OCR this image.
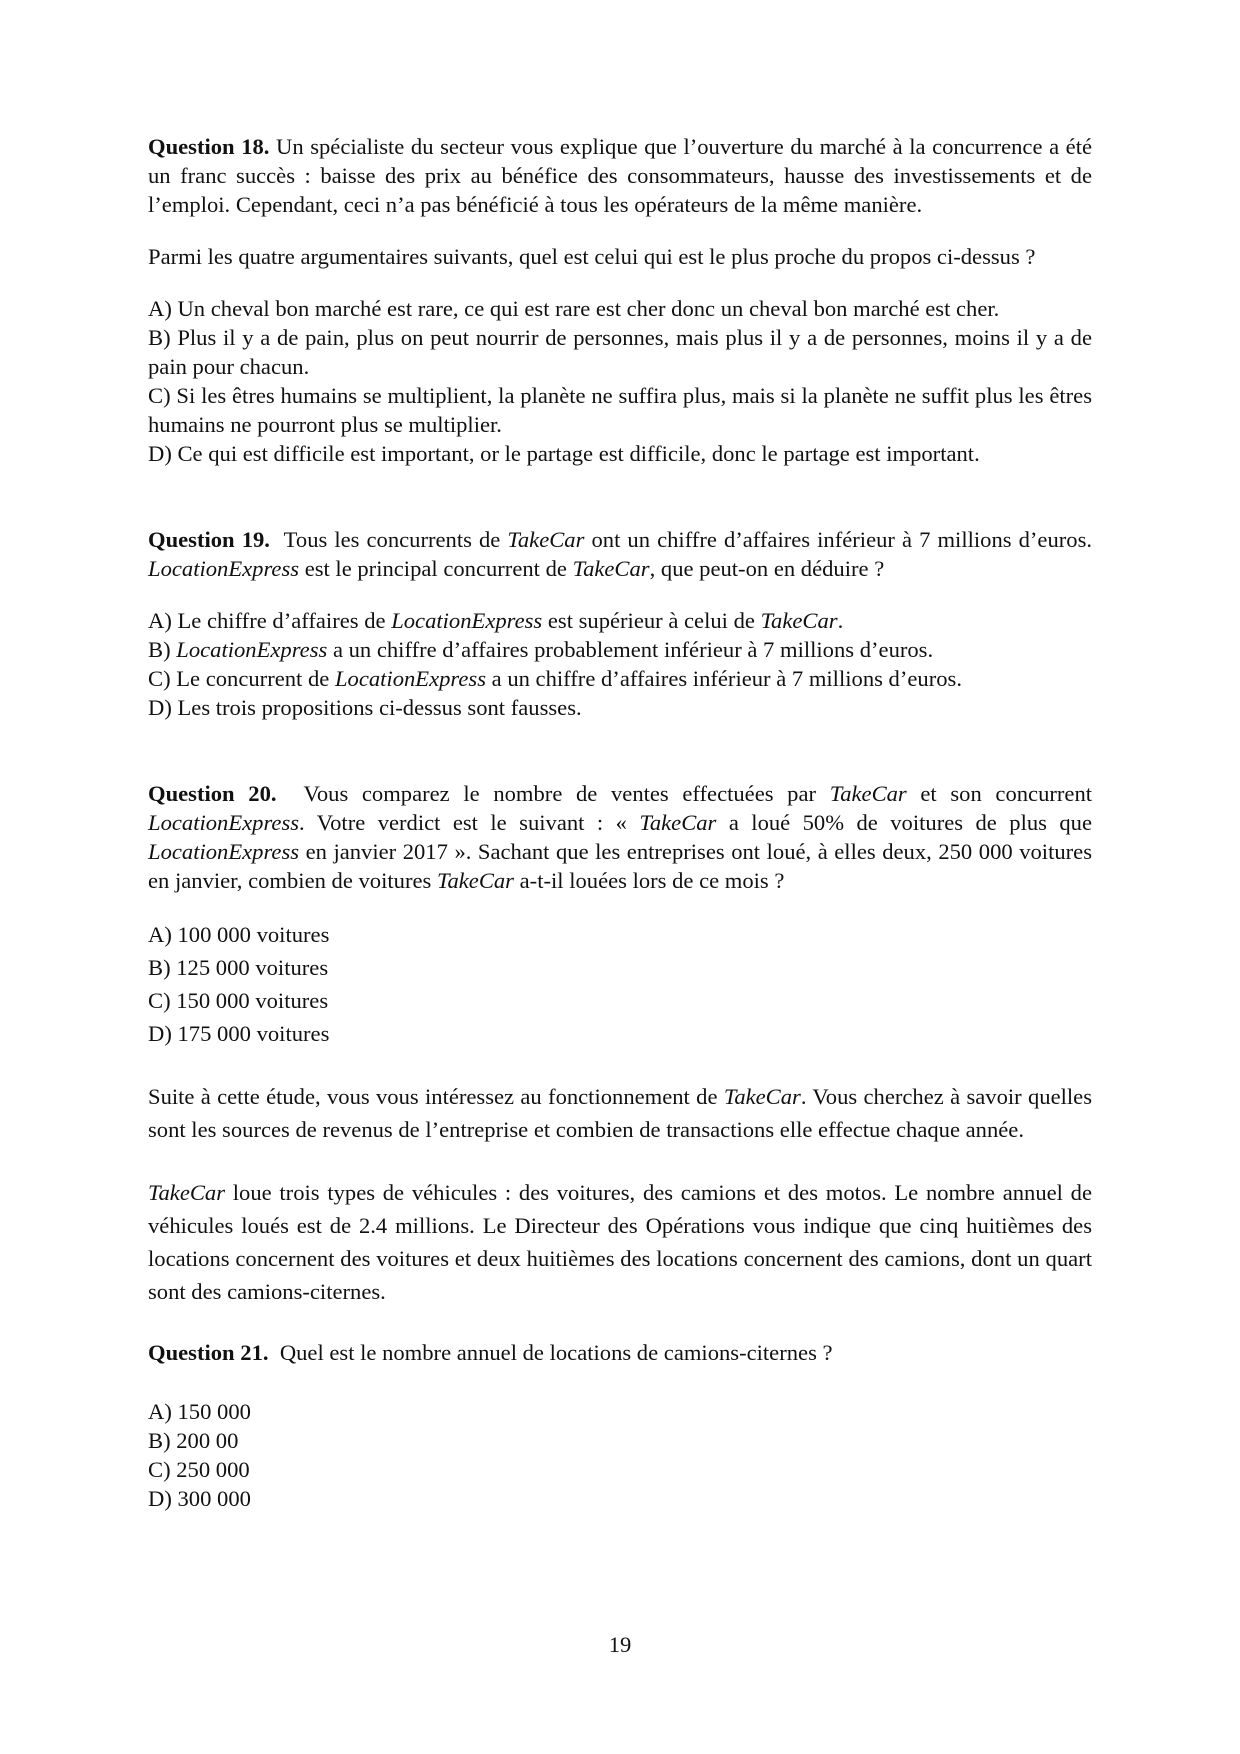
Question 18. Un spécialiste du secteur vous explique que l’ouverture du marché à la concurrence a été un franc succès : baisse des prix au bénéfice des consommateurs, hausse des investissements et de l’emploi. Cependant, ceci n’a pas bénéficié à tous les opérateurs de la même manière.

Parmi les quatre argumentaires suivants, quel est celui qui est le plus proche du propos ci-dessus ?

A) Un cheval bon marché est rare, ce qui est rare est cher donc un cheval bon marché est cher.

B) Plus il y a de pain, plus on peut nourrir de personnes, mais plus il y a de personnes, moins il y a de pain pour chacun.

C) Si les êtres humains se multiplient, la planète ne suffira plus, mais si la planète ne suffit plus les êtres humains ne pourront plus se multiplier.

D) Ce qui est difficile est important, or le partage est difficile, donc le partage est important.

Question 19. Tous les concurrents de TakeCar ont un chiffre d’affaires inférieur à 7 millions d’euros. LocationExpress est le principal concurrent de TakeCar, que peut-on en déduire ?

A) Le chiffre d’affaires de LocationExpress est supérieur à celui de TakeCar.

B) LocationExpress a un chiffre d’affaires probablement inférieur à 7 millions d’euros.

C) Le concurrent de LocationExpress a un chiffre d’affaires inférieur à 7 millions d’euros.

D) Les trois propositions ci-dessus sont fausses.

Question 20. Vous comparez le nombre de ventes effectuées par TakeCar et son concurrent LocationExpress. Votre verdict est le suivant : « TakeCar a loué 50% de voitures de plus que LocationExpress en janvier 2017 ». Sachant que les entreprises ont loué, à elles deux, 250 000 voitures en janvier, combien de voitures TakeCar a-t-il louées lors de ce mois ?

A) 100 000 voitures

B) 125 000 voitures

C) 150 000 voitures

D) 175 000 voitures

Suite à cette étude, vous vous intéressez au fonctionnement de TakeCar. Vous cherchez à savoir quelles sont les sources de revenus de l’entreprise et combien de transactions elle effectue chaque année.

TakeCar loue trois types de véhicules : des voitures, des camions et des motos. Le nombre annuel de véhicules loués est de 2.4 millions. Le Directeur des Opérations vous indique que cinq huitièmes des locations concernent des voitures et deux huitièmes des locations concernent des camions, dont un quart sont des camions-citernes.

Question 21. Quel est le nombre annuel de locations de camions-citernes ?

A) 150 000

B) 200 00

C) 250 000

D) 300 000

19
